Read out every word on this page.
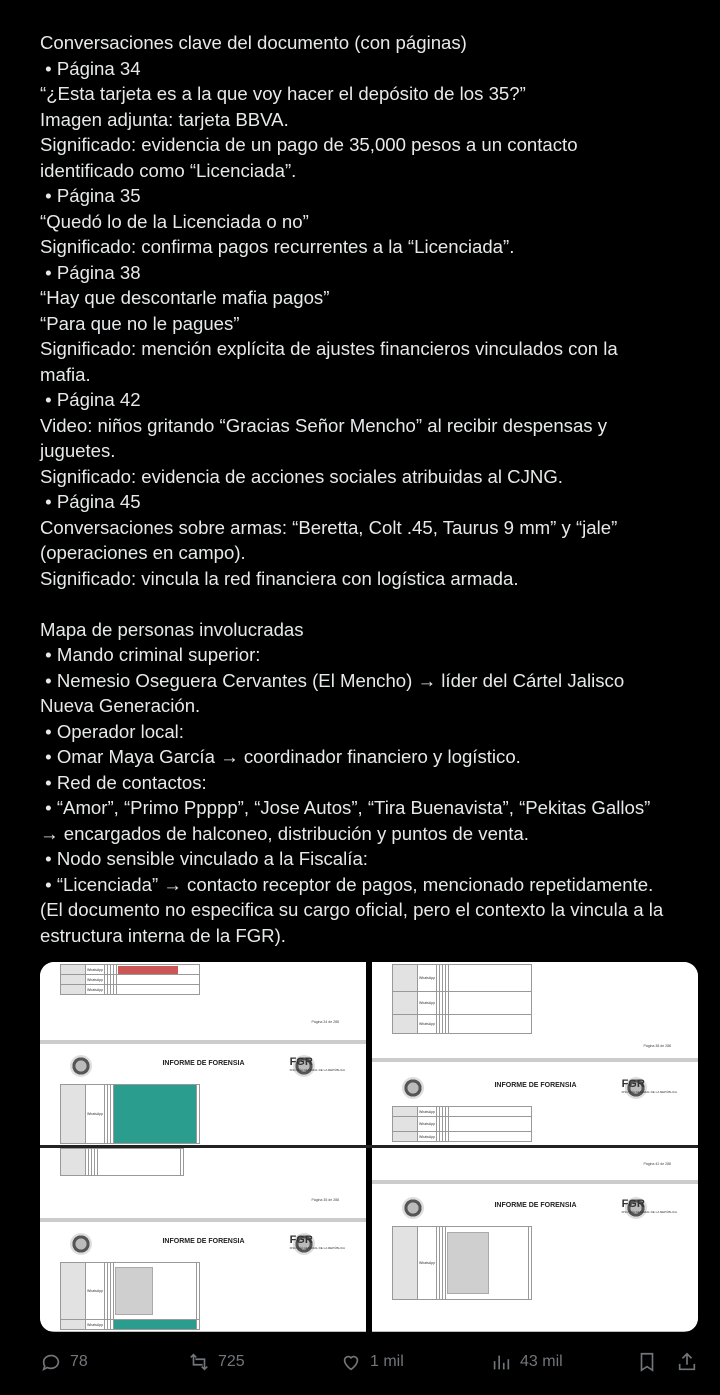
Conversaciones clave del documento (con páginas)
• Página 34
“¿Esta tarjeta es a la que voy hacer el depósito de los 35?”
Imagen adjunta: tarjeta BBVA.
Significado: evidencia de un pago de 35,000 pesos a un contacto
identificado como “Licenciada”.
• Página 35
“Quedó lo de la Licenciada o no”
Significado: confirma pagos recurrentes a la “Licenciada”.
• Página 38
“Hay que descontarle mafia pagos”
“Para que no le pagues”
Significado: mención explícita de ajustes financieros vinculados con la
mafia.
• Página 42
Video: niños gritando “Gracias Señor Mencho” al recibir despensas y
juguetes.
Significado: evidencia de acciones sociales atribuidas al CJNG.
• Página 45
Conversaciones sobre armas: “Beretta, Colt .45, Taurus 9 mm” y “jale”
(operaciones en campo).
Significado: vincula la red financiera con logística armada.

Mapa de personas involucradas
• Mando criminal superior:
• Nemesio Oseguera Cervantes (El Mencho) → líder del Cártel Jalisco
Nueva Generación.
• Operador local:
• Omar Maya García → coordinador financiero y logístico.
• Red de contactos:
• “Amor”, “Primo Ppppp”, “Jose Autos”, “Tira Buenavista”, “Pekitas Gallos”
→ encargados de halconeo, distribución y puntos de venta.
• Nodo sensible vinculado a la Fiscalía:
• “Licenciada” → contacto receptor de pagos, mencionado repetidamente.
(El documento no especifica su cargo oficial, pero el contexto la vincula a la
estructura interna de la FGR).
	WhatsApp					

	WhatsApp					
	WhatsApp					
Página 34 de 288
INFORME DE FORENSIA	FGR
FISCALÍA GENERAL DE LA REPÚBLICA
	WhatsApp					
	WhatsApp					
	WhatsApp					
	WhatsApp					
Página 38 de 288
INFORME DE FORENSIA	FGR
FISCALÍA GENERAL DE LA REPÚBLICA
	WhatsApp					
	WhatsApp					
	WhatsApp					

Página 35 de 288
INFORME DE FORENSIA	FGR
FISCALÍA GENERAL DE LA REPÚBLICA
	WhatsApp				

	WhatsApp					
Página 42 de 288
INFORME DE FORENSIA	FGR
FISCALÍA GENERAL DE LA REPÚBLICA
	WhatsApp				

78	725	1 mil	43 mil
